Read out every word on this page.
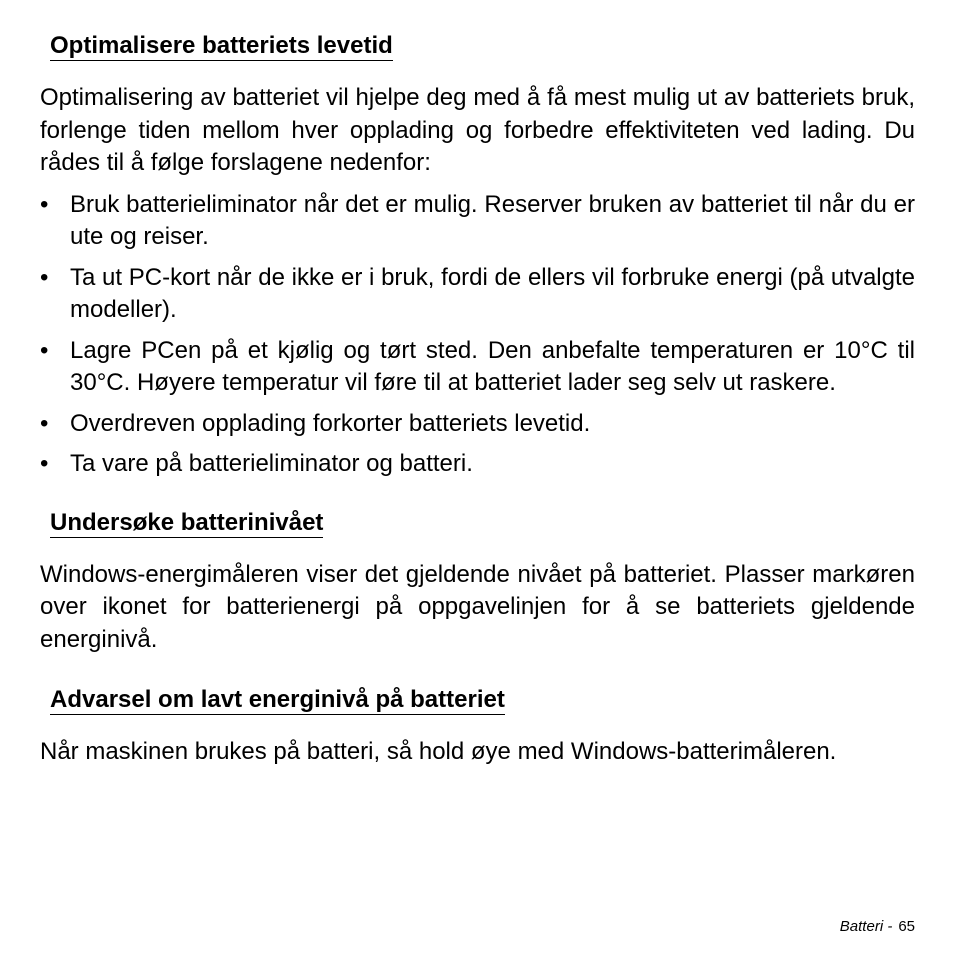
Optimalisere batteriets levetid

Optimalisering av batteriet vil hjelpe deg med å få mest mulig ut av batteriets bruk, forlenge tiden mellom hver opplading og forbedre effektiviteten ved lading. Du rådes til å følge forslagene nedenfor:

• Bruk batterieliminator når det er mulig. Reserver bruken av batteriet til når du er ute og reiser.
• Ta ut PC-kort når de ikke er i bruk, fordi de ellers vil forbruke energi (på utvalgte modeller).
• Lagre PCen på et kjølig og tørt sted. Den anbefalte temperaturen er 10°C til 30°C. Høyere temperatur vil føre til at batteriet lader seg selv ut raskere.
• Overdreven opplading forkorter batteriets levetid.
• Ta vare på batterieliminator og batteri.
Undersøke batterinivået

Windows-energimåleren viser det gjeldende nivået på batteriet. Plasser markøren over ikonet for batterienergi på oppgavelinjen for å se batteriets gjeldende energinivå.

Advarsel om lavt energinivå på batteriet

Når maskinen brukes på batteri, så hold øye med Windows-batterimåleren.

Batteri - 65
